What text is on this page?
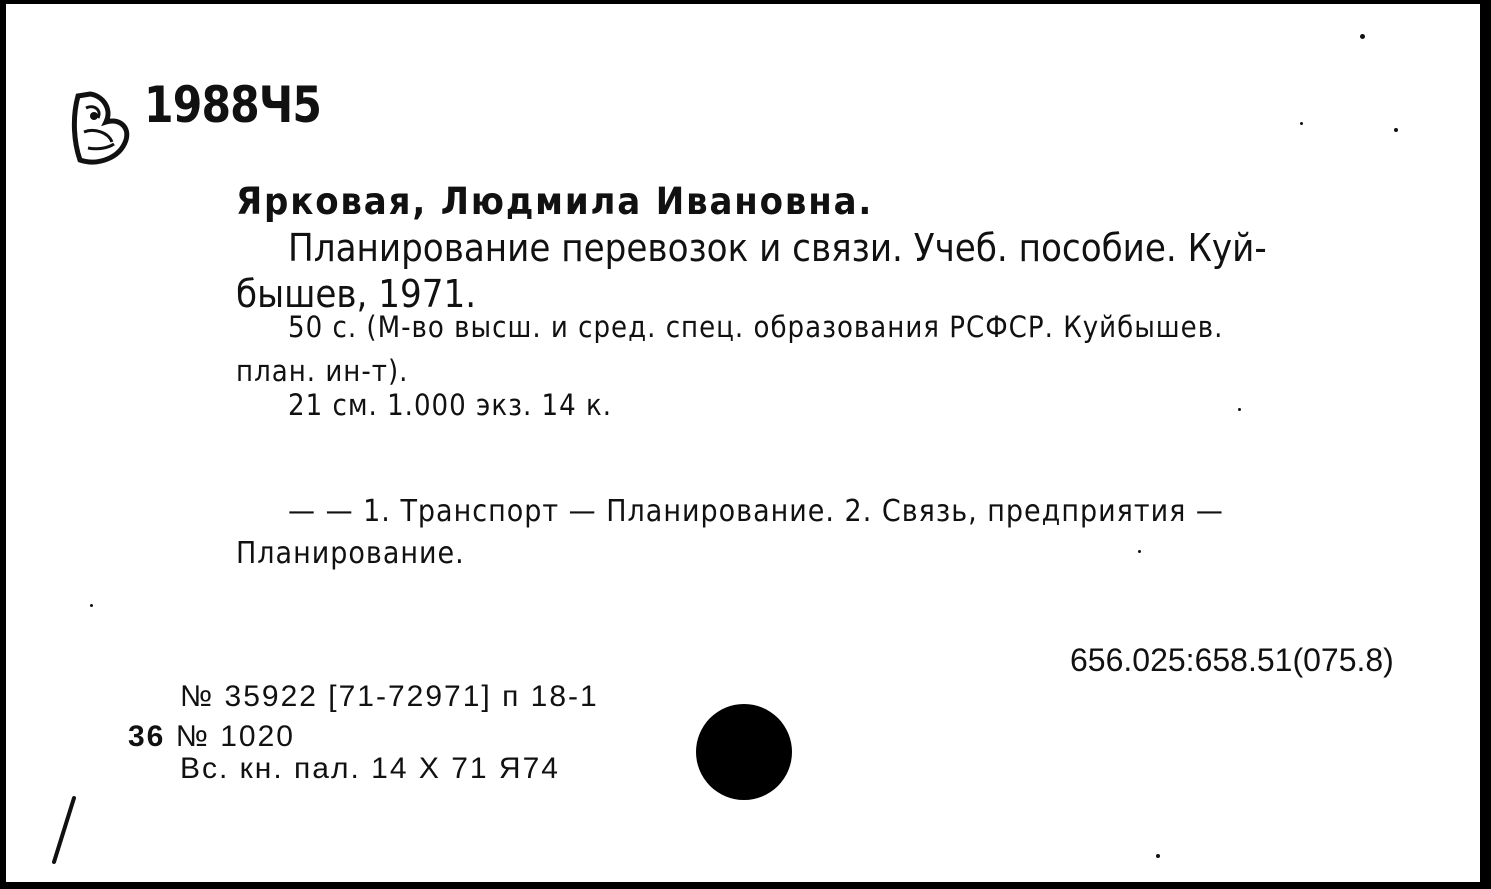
1988Ч5
Ярковая, Людмила Ивановна.
Планирование перевозок и связи. Учеб. пособие. Куй-
бышев, 1971.
50 с. (М-во высш. и сред. спец. образования РСФСР. Куйбышев.
план. ин-т).
21 см. 1.000 экз. 14 к.
— — 1. Транспорт — Планирование. 2. Связь, предприятия —
Планирование.
656.025:658.51(075.8)
№ 35922 [71-72971] п 18-1
36 № 1020
Вс. кн. пал. 14 X 71 Я74
